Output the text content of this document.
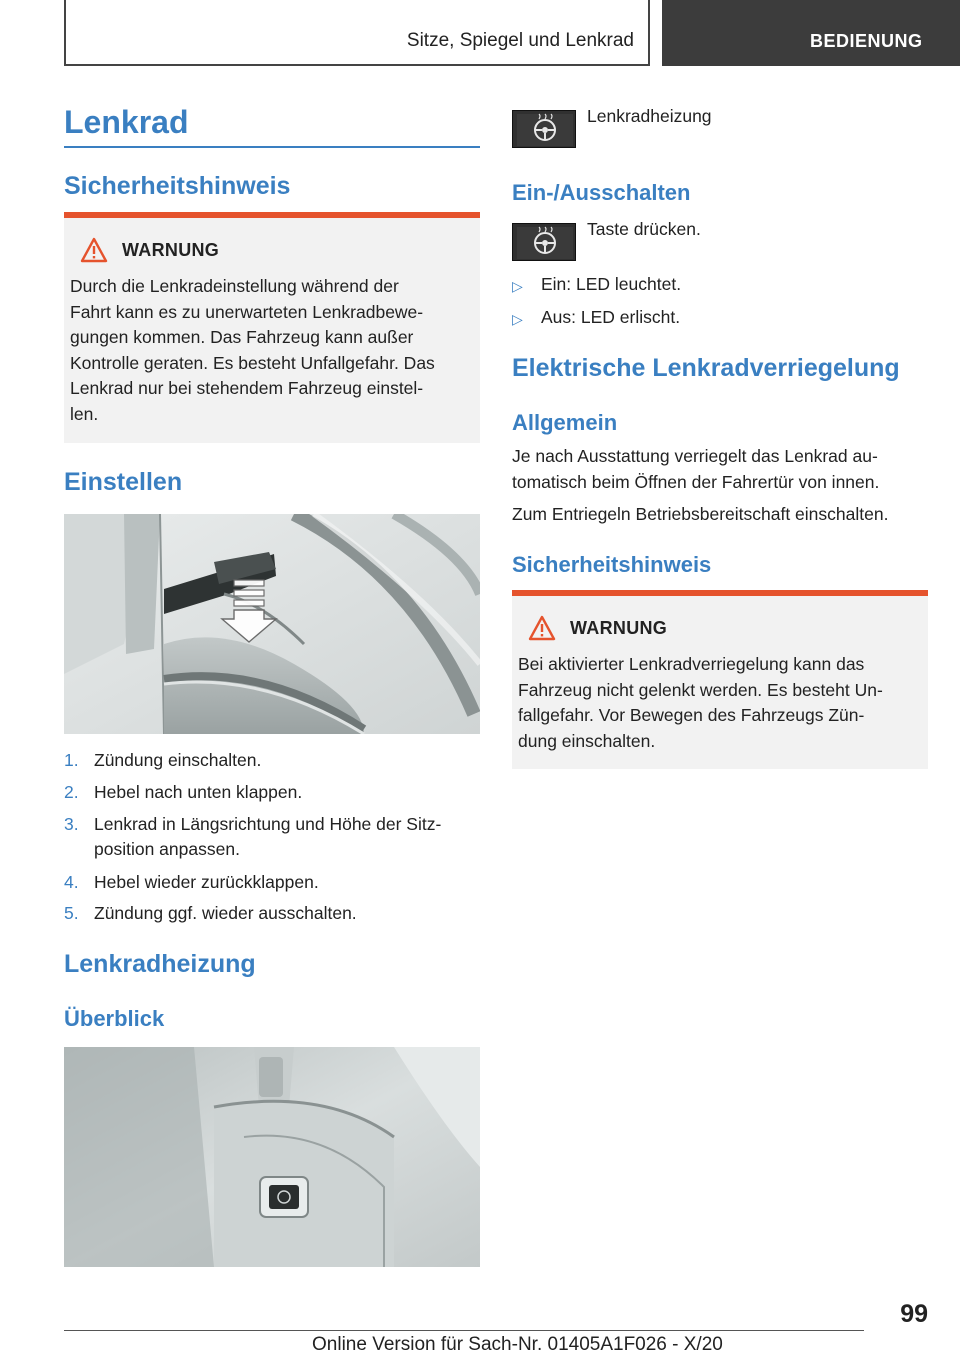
Sitze, Spiegel und Lenkrad	BEDIENUNG
Lenkrad
Sicherheitshinweis
WARNUNG
Durch die Lenkradeinstellung während der
Fahrt kann es zu unerwarteten Lenkradbewe-
gungen kommen. Das Fahrzeug kann außer
Kontrolle geraten. Es besteht Unfallgefahr. Das
Lenkrad nur bei stehendem Fahrzeug einstel-
len.
Einstellen
1. Zündung einschalten.
2. Hebel nach unten klappen.
3. Lenkrad in Längsrichtung und Höhe der Sitz-
position anpassen.
4. Hebel wieder zurückklappen.
5. Zündung ggf. wieder ausschalten.
Lenkradheizung
Überblick
Lenkradheizung
Ein-/Ausschalten
Taste drücken.
▷ Ein: LED leuchtet.
▷ Aus: LED erlischt.
Elektrische Lenkradverriegelung
Allgemein
Je nach Ausstattung verriegelt das Lenkrad au-
tomatisch beim Öffnen der Fahrertür von innen.
Zum Entriegeln Betriebsbereitschaft einschalten.
Sicherheitshinweis
WARNUNG
Bei aktivierter Lenkradverriegelung kann das
Fahrzeug nicht gelenkt werden. Es besteht Un-
fallgefahr. Vor Bewegen des Fahrzeugs Zün-
dung einschalten.
99
Online Version für Sach-Nr. 01405A1F026 - X/20
